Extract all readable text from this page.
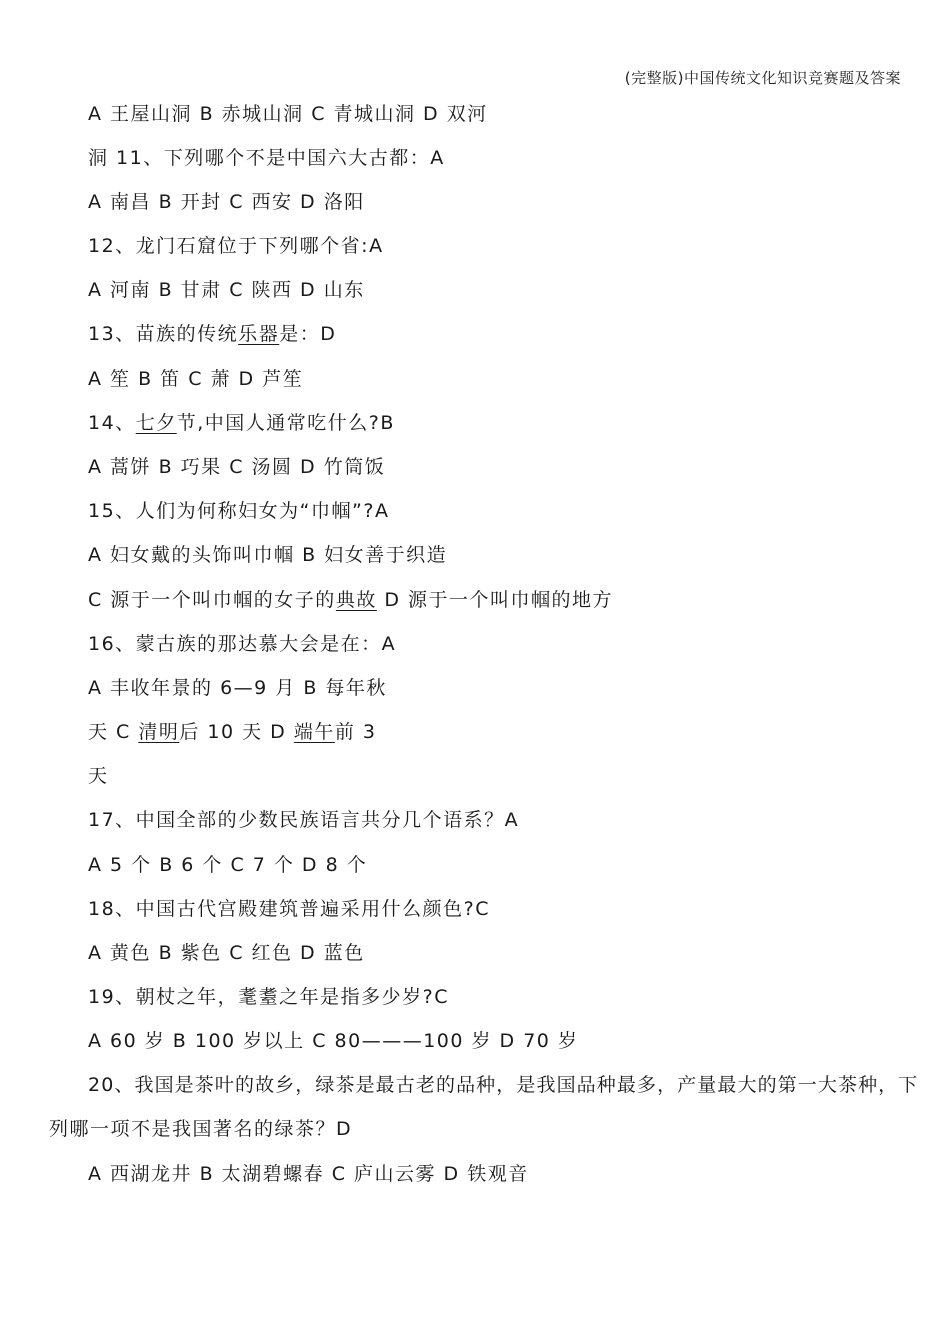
(完整版)中国传统文化知识竞赛题及答案
A 王屋山洞 B 赤城山洞 C 青城山洞 D 双河
洞 11、下列哪个不是中国六大古都：A
A 南昌 B 开封 C 西安 D 洛阳
12、龙门石窟位于下列哪个省:A
A 河南 B 甘肃 C 陕西 D 山东
13、苗族的传统乐器是：D
A 笙 B 笛 C 萧 D 芦笙
14、七夕节,中国人通常吃什么?B
A 蒿饼 B 巧果 C 汤圆 D 竹筒饭
15、人们为何称妇女为“巾帼”?A
A 妇女戴的头饰叫巾帼 B 妇女善于织造
C 源于一个叫巾帼的女子的典故 D 源于一个叫巾帼的地方
16、蒙古族的那达慕大会是在：A
A 丰收年景的 6—9 月 B 每年秋
天 C 清明后 10 天 D 端午前 3
天
17、中国全部的少数民族语言共分几个语系？A
A 5 个 B 6 个 C 7 个 D 8 个
18、中国古代宫殿建筑普遍采用什么颜色?C
A 黄色 B 紫色 C 红色 D 蓝色
19、朝杖之年，耄耋之年是指多少岁?C
A 60 岁 B 100 岁以上 C 80———100 岁 D 70 岁
20、我国是茶叶的故乡，绿茶是最古老的品种，是我国品种最多，产量最大的第一大茶种，下
列哪一项不是我国著名的绿茶？D
A 西湖龙井 B 太湖碧螺春 C 庐山云雾 D 铁观音
